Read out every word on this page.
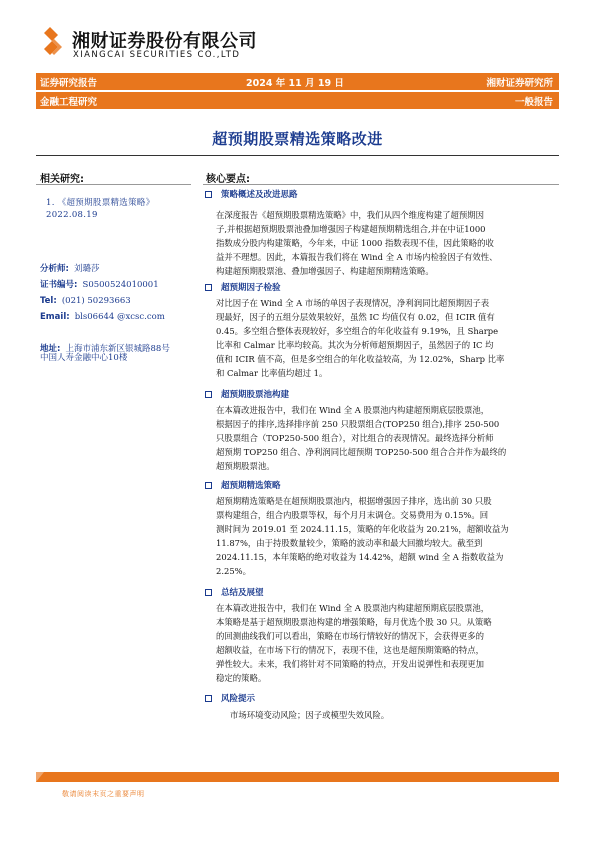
湘财证券股份有限公司
XIANGCAI SECURITIES CO.,LTD
证券研究报告	2024 年 11 月 19 日	湘财证券研究所
金融工程研究	一般报告
超预期股票精选策略改进
相关研究:
1. 《超预期股票精选策略》
2022.08.19
分析师: 刘璐莎
证书编号: S0500524010001
Tel: (021) 50293663
Email: bls06644 @xcsc.com
地址: 上海市浦东新区银城路88号
中国人寿金融中心10楼
核心要点:
策略概述及改进思路
在深度报告《超预期股票精选策略》中，我们从四个维度构建了超预期因
子,并根据超预期股票池叠加增强因子构建超预期精选组合,并在中证1000
指数成分股内构建策略，今年来，中证 1000 指数表现不佳，因此策略的收
益并不理想。因此，本篇报告我们将在 Wind 全 A 市场内检验因子有效性、
构建超预期股票池、叠加增强因子、构建超预期精选策略。
超预期因子检验
对比因子在 Wind 全 A 市场的单因子表现情况，净利润同比超预期因子表
现最好，因子的五组分层效果较好，虽然 IC 均值仅有 0.02，但 ICIR 值有
0.45。多空组合整体表现较好，多空组合的年化收益有 9.19%，且 Sharpe
比率和 Calmar 比率均较高。其次为分析师超预期因子，虽然因子的 IC 均
值和 ICIR 值不高，但是多空组合的年化收益较高，为 12.02%，Sharp 比率
和 Calmar 比率值均超过 1。
超预期股票池构建
在本篇改进报告中，我们在 Wind 全 A 股票池内构建超预期底层股票池，
根据因子的排序,选择排序前 250 只股票组合(TOP250 组合),排序 250-500
只股票组合（TOP250-500 组合），对比组合的表现情况。最终选择分析师
超预期 TOP250 组合、净利润同比超预期 TOP250-500 组合合并作为最终的
超预期股票池。
超预期精选策略
超预期精选策略是在超预期股票池内，根据增强因子排序，选出前 30 只股
票构建组合，组合内股票等权，每个月月末调仓。交易费用为 0.15%。回
测时间为 2019.01 至 2024.11.15，策略的年化收益为 20.21%，超额收益为
11.87%，由于持股数量较少，策略的波动率和最大回撤均较大。截至到
2024.11.15，本年策略的绝对收益为 14.42%，超额 wind 全 A 指数收益为
2.25%。
总结及展望
在本篇改进报告中，我们在 Wind 全 A 股票池内构建超预期底层股票池，
本策略是基于超预期股票池构建的增强策略，每月优选个股 30 只。从策略
的回测曲线我们可以看出，策略在市场行情较好的情况下，会获得更多的
超额收益，在市场下行的情况下，表现不佳，这也是超预期策略的特点，
弹性较大。未来，我们将针对不同策略的特点，开发出说弹性和表现更加
稳定的策略。
风险提示
市场环境变动风险；因子或模型失效风险。
敬请阅读末页之重要声明
